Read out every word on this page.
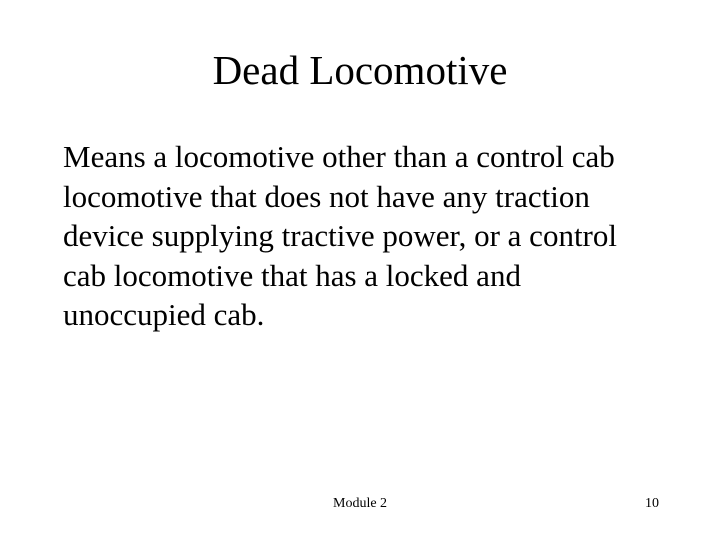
Dead Locomotive
Means a locomotive other than a control cab
locomotive that does not have any traction
device supplying tractive power, or a control
cab locomotive that has a locked and
unoccupied cab.
Module 2	10
